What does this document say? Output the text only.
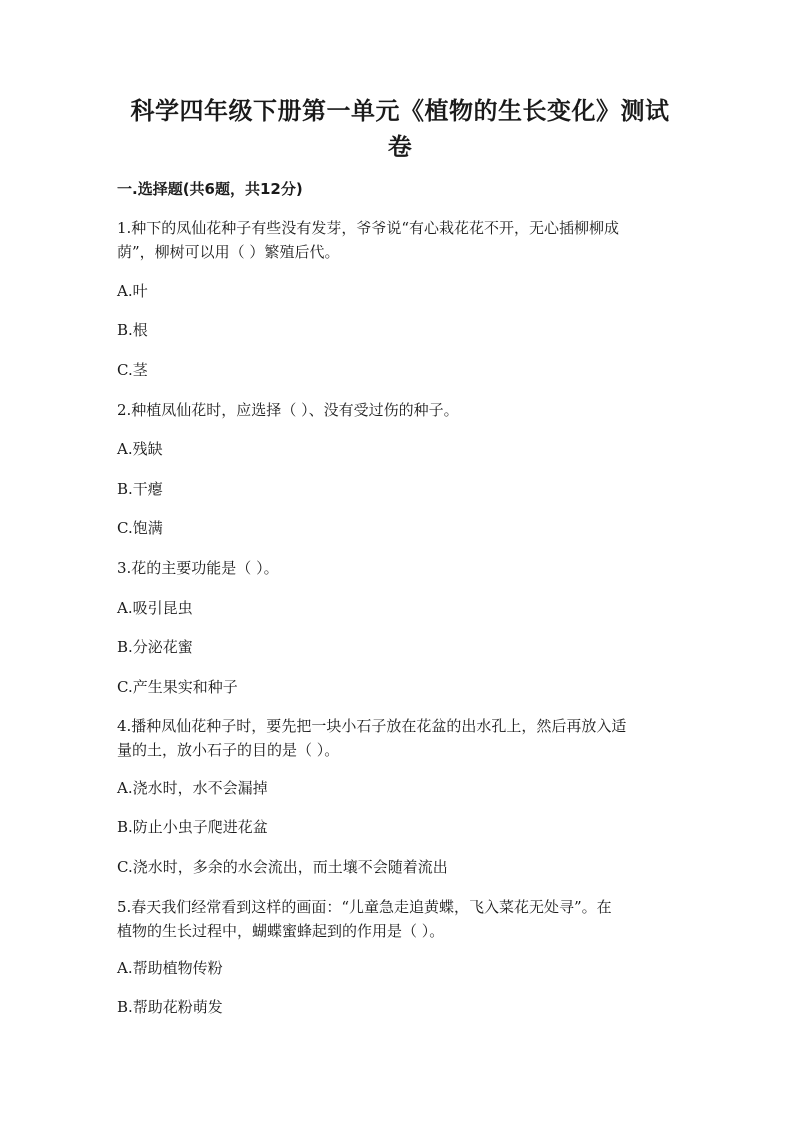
科学四年级下册第一单元《植物的生长变化》测试
卷
一.选择题(共6题，共12分)
1.种下的凤仙花种子有些没有发芽，爷爷说“有心栽花花不开，无心插柳柳成
荫”，柳树可以用（ ）繁殖后代。
A.叶
B.根
C.茎
2.种植凤仙花时，应选择（ ）、没有受过伤的种子。
A.残缺
B.干瘪
C.饱满
3.花的主要功能是（ ）。
A.吸引昆虫
B.分泌花蜜
C.产生果实和种子
4.播种凤仙花种子时，要先把一块小石子放在花盆的出水孔上，然后再放入适
量的土，放小石子的目的是（ ）。
A.浇水时，水不会漏掉
B.防止小虫子爬进花盆
C.浇水时，多余的水会流出，而土壤不会随着流出
5.春天我们经常看到这样的画面：“儿童急走追黄蝶，飞入菜花无处寻”。在
植物的生长过程中，蝴蝶蜜蜂起到的作用是（ ）。
A.帮助植物传粉
B.帮助花粉萌发
